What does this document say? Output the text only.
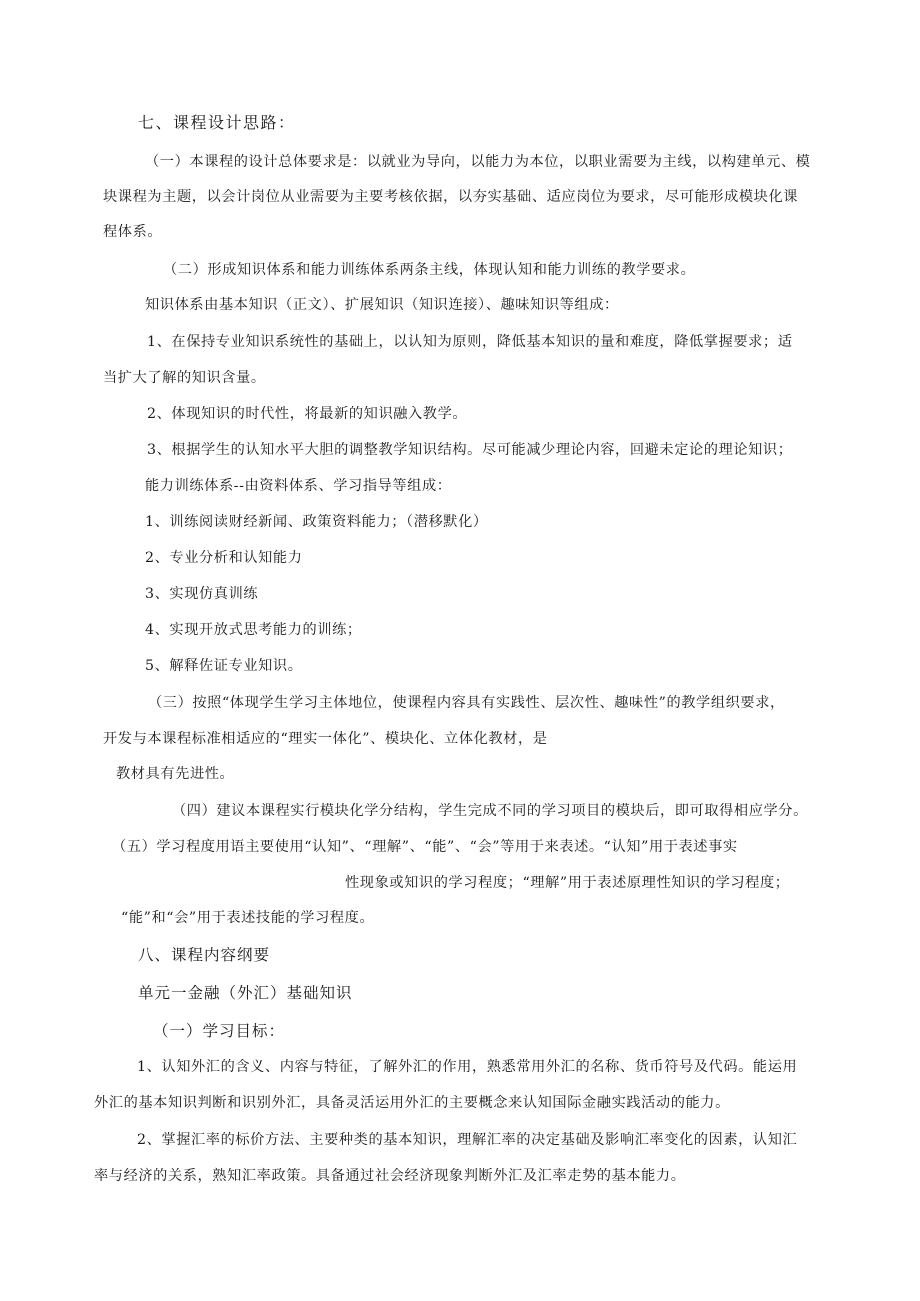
七、课程设计思路：
（一）本课程的设计总体要求是：以就业为导向，以能力为本位，以职业需要为主线，以构建单元、模
块课程为主题，以会计岗位从业需要为主要考核依据，以夯实基础、适应岗位为要求，尽可能形成模块化课
程体系。
（二）形成知识体系和能力训练体系两条主线，体现认知和能力训练的教学要求。
知识体系由基本知识（正文）、扩展知识（知识连接）、趣味知识等组成：
1、在保持专业知识系统性的基础上，以认知为原则，降低基本知识的量和难度，降低掌握要求；适
当扩大了解的知识含量。
2、体现知识的时代性，将最新的知识融入教学。
3、根据学生的认知水平大胆的调整教学知识结构。尽可能减少理论内容，回避未定论的理论知识；
能力训练体系--由资料体系、学习指导等组成：
1、训练阅读财经新闻、政策资料能力；（潜移默化）
2、专业分析和认知能力
3、实现仿真训练
4、实现开放式思考能力的训练；
5、解释佐证专业知识。
（三）按照“体现学生学习主体地位，使课程内容具有实践性、层次性、趣味性”的教学组织要求，
开发与本课程标准相适应的“理实一体化”、模块化、立体化教材，是
教材具有先进性。
（四）建议本课程实行模块化学分结构，学生完成不同的学习项目的模块后，即可取得相应学分。
（五）学习程度用语主要使用“认知”、“理解”、“能”、“会”等用于来表述。“认知”用于表述事实
性现象或知识的学习程度；“理解”用于表述原理性知识的学习程度；
“能”和“会”用于表述技能的学习程度。
八、课程内容纲要
单元一金融（外汇）基础知识
（一）学习目标：
1、认知外汇的含义、内容与特征，了解外汇的作用，熟悉常用外汇的名称、货币符号及代码。能运用
外汇的基本知识判断和识别外汇，具备灵活运用外汇的主要概念来认知国际金融实践活动的能力。
2、掌握汇率的标价方法、主要种类的基本知识，理解汇率的决定基础及影响汇率变化的因素，认知汇
率与经济的关系，熟知汇率政策。具备通过社会经济现象判断外汇及汇率走势的基本能力。
